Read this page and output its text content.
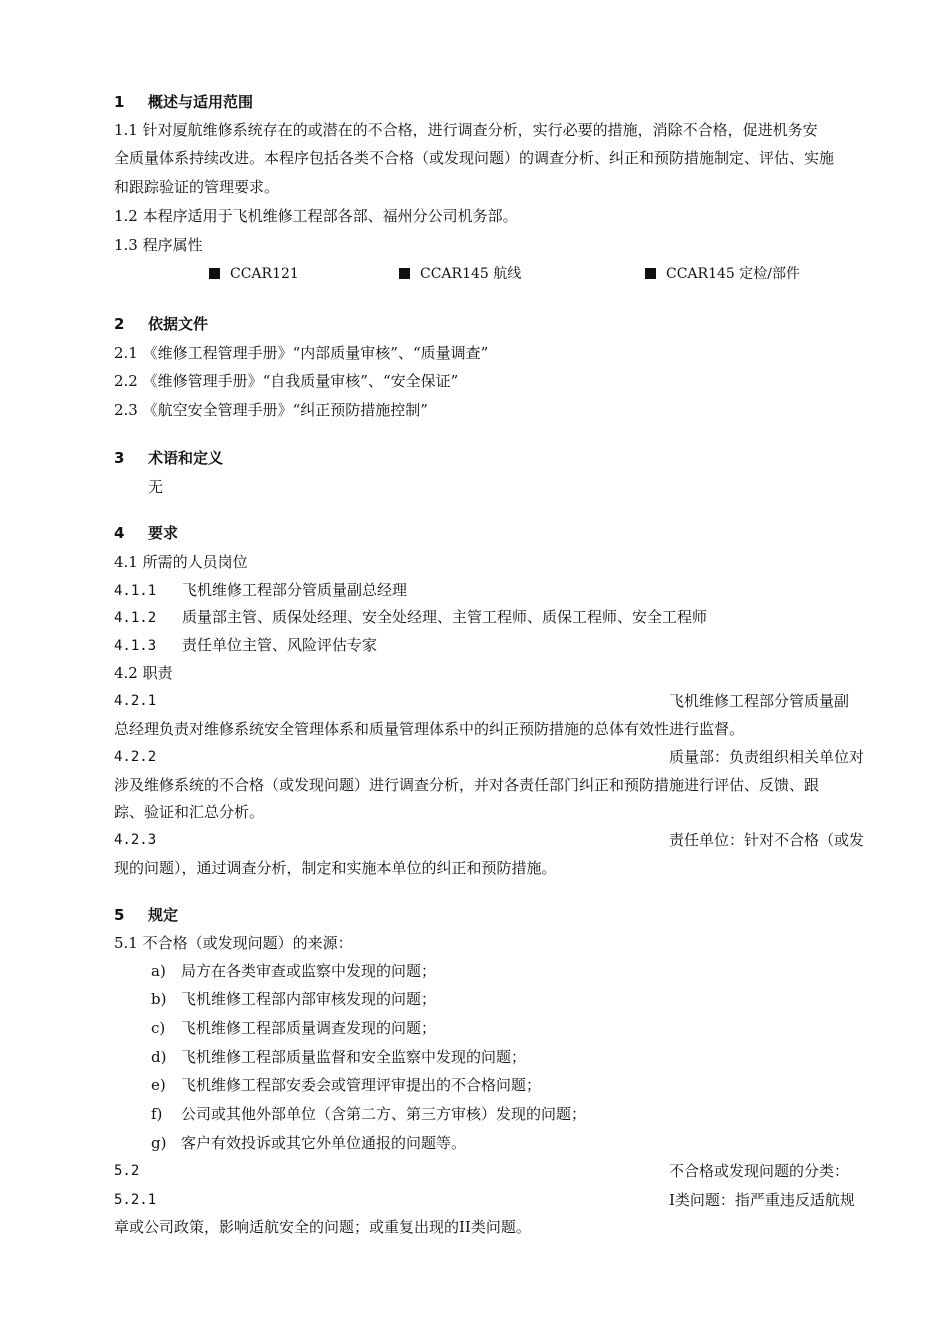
1 概述与适用范围
1.1 针对厦航维修系统存在的或潜在的不合格，进行调查分析，实行必要的措施，消除不合格，促进机务安
全质量体系持续改进。本程序包括各类不合格（或发现问题）的调查分析、纠正和预防措施制定、评估、实施
和跟踪验证的管理要求。
1.2 本程序适用于飞机维修工程部各部、福州分公司机务部。
1.3 程序属性
CCAR121	CCAR145 航线	CCAR145 定检/部件
2 依据文件
2.1 《维修工程管理手册》“内部质量审核”、“质量调查”
2.2 《维修管理手册》“自我质量审核”、“安全保证”
2.3 《航空安全管理手册》“纠正预防措施控制”
3 术语和定义
无
4 要求
4.1 所需的人员岗位
4.1.1 飞机维修工程部分管质量副总经理
4.1.2 质量部主管、质保处经理、安全处经理、主管工程师、质保工程师、安全工程师
4.1.3 责任单位主管、风险评估专家
4.2 职责
4.2.1	飞机维修工程部分管质量副
总经理负责对维修系统安全管理体系和质量管理体系中的纠正预防措施的总体有效性进行监督。
4.2.2	质量部：负责组织相关单位对
涉及维修系统的不合格（或发现问题）进行调查分析，并对各责任部门纠正和预防措施进行评估、反馈、跟
踪、验证和汇总分析。
4.2.3	责任单位：针对不合格（或发
现的问题），通过调查分析，制定和实施本单位的纠正和预防措施。
5 规定
5.1 不合格（或发现问题）的来源：
a) 局方在各类审查或监察中发现的问题；
b) 飞机维修工程部内部审核发现的问题；
c) 飞机维修工程部质量调查发现的问题；
d) 飞机维修工程部质量监督和安全监察中发现的问题；
e) 飞机维修工程部安委会或管理评审提出的不合格问题；
f) 公司或其他外部单位（含第二方、第三方审核）发现的问题；
g) 客户有效投诉或其它外单位通报的问题等。
5.2	不合格或发现问题的分类：
5.2.1	I类问题：指严重违反适航规
章或公司政策，影响适航安全的问题；或重复出现的II类问题。
